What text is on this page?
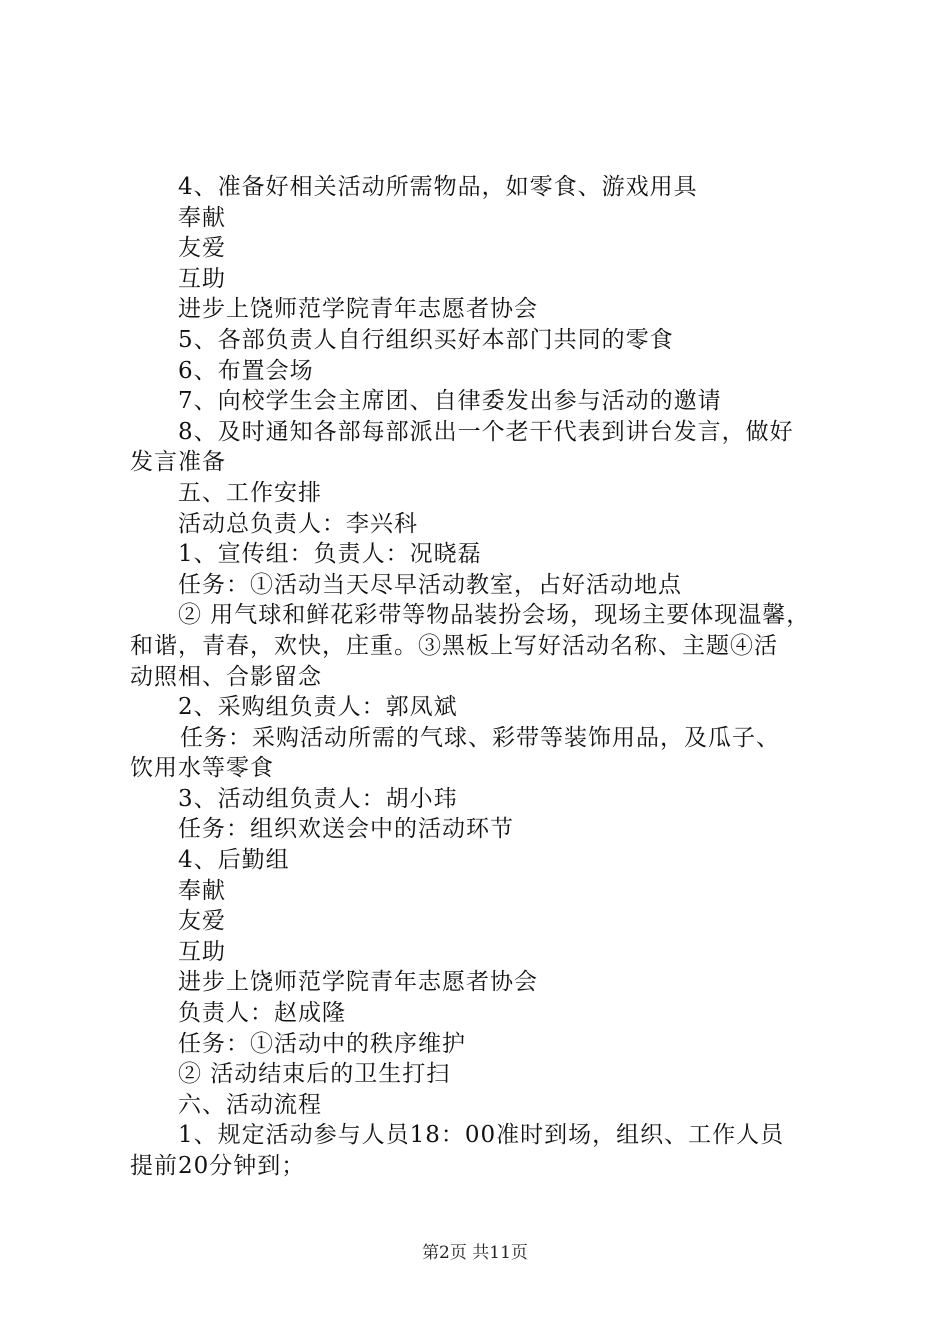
4、准备好相关活动所需物品，如零食、游戏用具
奉献
友爱
互助
进步上饶师范学院青年志愿者协会
5、各部负责人自行组织买好本部门共同的零食
6、布置会场
7、向校学生会主席团、自律委发出参与活动的邀请
8、及时通知各部每部派出一个老干代表到讲台发言，做好
发言准备
五、工作安排
活动总负责人：李兴科
1、宣传组：负责人：况晓磊
任务：①活动当天尽早活动教室，占好活动地点
② 用气球和鲜花彩带等物品装扮会场，现场主要体现温馨，
和谐，青春，欢快，庄重。③黑板上写好活动名称、主题④活
动照相、合影留念
2、采购组负责人：郭凤斌
任务：采购活动所需的气球、彩带等装饰用品，及瓜子、
饮用水等零食
3、活动组负责人：胡小玮
任务：组织欢送会中的活动环节
4、后勤组
奉献
友爱
互助
进步上饶师范学院青年志愿者协会
负责人：赵成隆
任务：①活动中的秩序维护
② 活动结束后的卫生打扫
六、活动流程
1、规定活动参与人员18：00准时到场，组织、工作人员
提前20分钟到；
第2页 共11页
